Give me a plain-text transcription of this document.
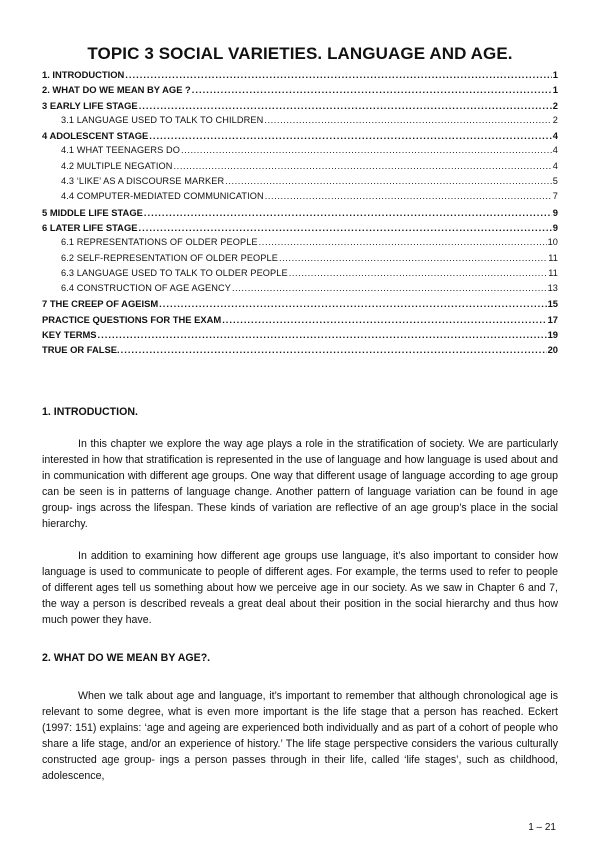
TOPIC 3 SOCIAL VARIETIES. LANGUAGE AND AGE.
1. INTRODUCTION .....	1
2. WHAT DO WE MEAN BY AGE ? .....	1
3 EARLY LIFE STAGE .....	2
3.1 LANGUAGE USED TO TALK TO CHILDREN .....	2
4 ADOLESCENT STAGE .....	4
4.1 WHAT TEENAGERS DO .....	4
4.2 MULTIPLE NEGATION .....	4
4.3 ‘LIKE’ AS A DISCOURSE MARKER .....	5
4.4 COMPUTER-MEDIATED COMMUNICATION .....	7
5 MIDDLE LIFE STAGE .....	9
6 LATER LIFE STAGE .....	9
6.1 REPRESENTATIONS OF OLDER PEOPLE .....	10
6.2 SELF-REPRESENTATION OF OLDER PEOPLE .....	11
6.3 LANGUAGE USED TO TALK TO OLDER PEOPLE .....	11
6.4 CONSTRUCTION OF AGE AGENCY .....	13
7 THE CREEP OF AGEISM .....	15
PRACTICE QUESTIONS FOR THE EXAM .....	17
KEY TERMS .....	19
TRUE OR FALSE. .....	20
1. INTRODUCTION.

In this chapter we explore the way age plays a role in the stratification of society. We are particularly interested in how that stratification is represented in the use of language and how language is used about and in communication with different age groups. One way that different usage of language according to age group can be seen is in patterns of language change. Another pattern of language variation can be found in age group- ings across the lifespan. These kinds of variation are reflective of an age group’s place in the social hierarchy.

In addition to examining how different age groups use language, it’s also important to consider how language is used to communicate to people of different ages. For example, the terms used to refer to people of different ages tell us something about how we perceive age in our society. As we saw in Chapter 6 and 7, the way a person is described reveals a great deal about their position in the social hierarchy and thus how much power they have.

2. WHAT DO WE MEAN BY AGE?.

When we talk about age and language, it’s important to remember that although chronological age is relevant to some degree, what is even more important is the life stage that a person has reached. Eckert (1997: 151) explains: ‘age and ageing are experienced both individually and as part of a cohort of people who share a life stage, and/or an experience of history.’ The life stage perspective considers the various culturally constructed age group- ings a person passes through in their life, called ‘life stages’, such as childhood, adolescence,

1 – 21
